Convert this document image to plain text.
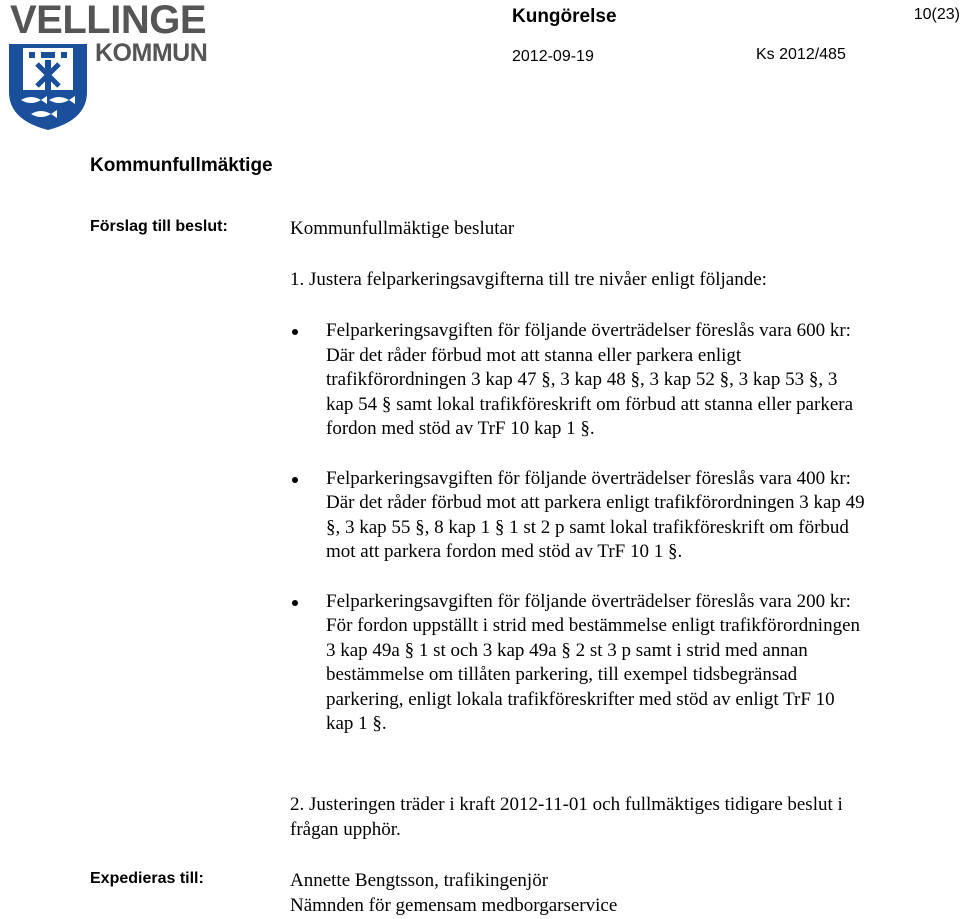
VELLINGE
KOMMUN
Kungörelse	10(23)
2012-09-19	Ks 2012/485
Kommunfullmäktige
Förslag till beslut:	Kommunfullmäktige beslutar
1. Justera felparkeringsavgifterna till tre nivåer enligt följande:
Felparkeringsavgiften för följande överträdelser föreslås vara 600 kr: Där det råder förbud mot att stanna eller parkera enligt trafikförordningen 3 kap 47 §, 3 kap 48 §, 3 kap 52 §, 3 kap 53 §, 3 kap 54 § samt lokal trafikföreskrift om förbud att stanna eller parkera fordon med stöd av TrF 10 kap 1 §.
Felparkeringsavgiften för följande överträdelser föreslås vara 400 kr: Där det råder förbud mot att parkera enligt trafikförordningen 3 kap 49 §, 3 kap 55 §, 8 kap 1 § 1 st 2 p samt lokal trafikföreskrift om förbud mot att parkera fordon med stöd av TrF 10 1 §.
Felparkeringsavgiften för följande överträdelser föreslås vara 200 kr: För fordon uppställt i strid med bestämmelse enligt trafikförordningen 3 kap 49a § 1 st och 3 kap 49a § 2 st 3 p samt i strid med annan bestämmelse om tillåten parkering, till exempel tidsbegränsad parkering, enligt lokala trafikföreskrifter med stöd av enligt TrF 10 kap 1 §.
2. Justeringen träder i kraft 2012-11-01 och fullmäktiges tidigare beslut i frågan upphör.
Expedieras till:	Annette Bengtsson, trafikingenjör
Nämnden för gemensam medborgarservice
